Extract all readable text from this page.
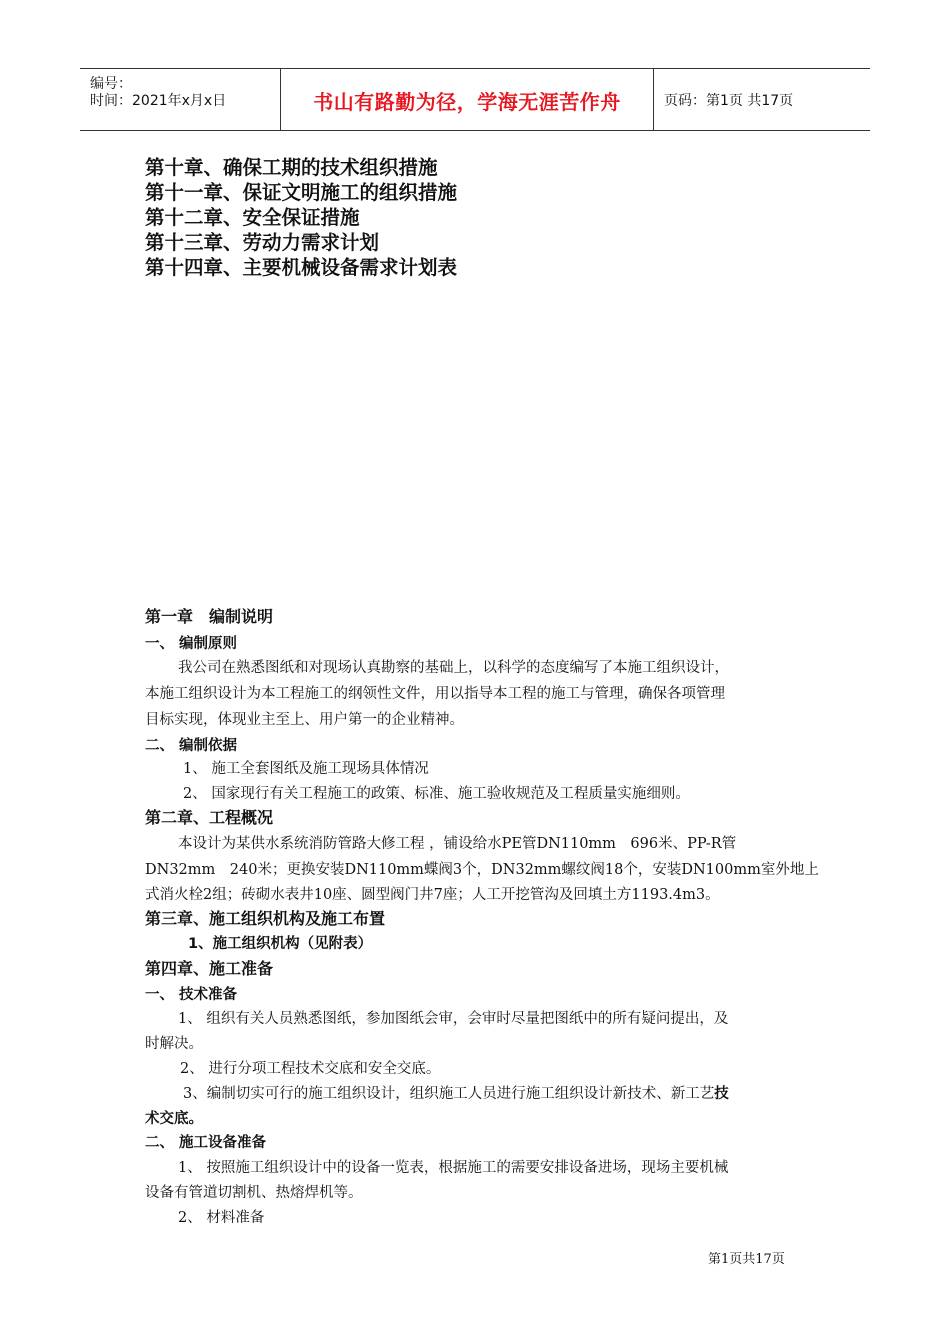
编号：
时间：2021年x月x日	书山有路勤为径，学海无涯苦作舟	页码：第1页 共17页
第十章、确保工期的技术组织措施
第十一章、保证文明施工的组织措施
第十二章、安全保证措施
第十三章、劳动力需求计划
第十四章、主要机械设备需求计划表
第一章　编制说明
一、 编制原则
我公司在熟悉图纸和对现场认真勘察的基础上，以科学的态度编写了本施工组织设计，
本施工组织设计为本工程施工的纲领性文件，用以指导本工程的施工与管理，确保各项管理
目标实现，体现业主至上、用户第一的企业精神。
二、 编制依据
1、 施工全套图纸及施工现场具体情况
2、 国家现行有关工程施工的政策、标准、施工验收规范及工程质量实施细则。
第二章、工程概况
本设计为某供水系统消防管路大修工程 ，铺设给水PE管DN110mm　696米、PP-R管
DN32mm　240米；更换安装DN110mm蝶阀3个，DN32mm螺纹阀18个，安装DN100mm室外地上
式消火栓2组；砖砌水表井10座、圆型阀门井7座；人工开挖管沟及回填土方1193.4m3。
第三章、施工组织机构及施工布置
1、施工组织机构（见附表）
第四章、施工准备
一、 技术准备
1、 组织有关人员熟悉图纸，参加图纸会审，会审时尽量把图纸中的所有疑问提出，及
时解决。
2、 进行分项工程技术交底和安全交底。
3、编制切实可行的施工组织设计，组织施工人员进行施工组织设计新技术、新工艺技
术交底。
二、 施工设备准备
1、 按照施工组织设计中的设备一览表，根据施工的需要安排设备进场，现场主要机械
设备有管道切割机、热熔焊机等。
2、 材料准备
第1页共17页
